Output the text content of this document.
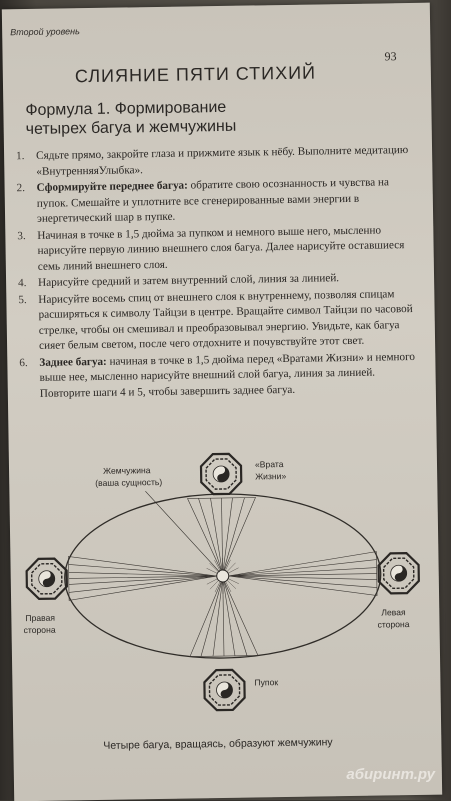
Второй уровень
93
СЛИЯНИЕ ПЯТИ СТИХИЙ
Формула 1. Формирование
четырех багуа и жемчужины
1.	Сядьте прямо, закройте глаза и прижмите язык к нёбу. Выполните медитацию «ВнутренняяУлыбка».
2.	Сформируйте переднее багуа: обратите свою осознанность и чувства на пупок. Смешайте и уплотните все сгенерированные вами энергии в энергетический шар в пупке.
3.	Начиная в точке в 1,5 дюйма за пупком и немного выше него, мысленно нарисуйте первую линию внешнего слоя багуа. Далее нарисуйте оставшиеся семь линий внешнего слоя.
4.	Нарисуйте средний и затем внутренний слой, линия за линией.
5.	Нарисуйте восемь спиц от внешнего слоя к внутреннему, позволяя спицам расширяться к символу Тайцзи в центре. Вращайте символ Тайцзи по часовой стрелке, чтобы он смешивал и преобразовывал энергию. Увидьте, как багуа сияет белым светом, после чего отдохните и почувствуйте этот свет.
6.	Заднее багуа: начиная в точке в 1,5 дюйма перед «Вратами Жизни» и немного выше нее, мысленно нарисуйте внешний слой багуа, линия за линией. Повторите шаги 4 и 5, чтобы завершить заднее багуа.
Жемчужина
(ваша сущность)
«Врата
Жизни»
Правая
сторона
Левая
сторона
Пупок
Четыре багуа, вращаясь, образуют жемчужину
абиринт.ру
